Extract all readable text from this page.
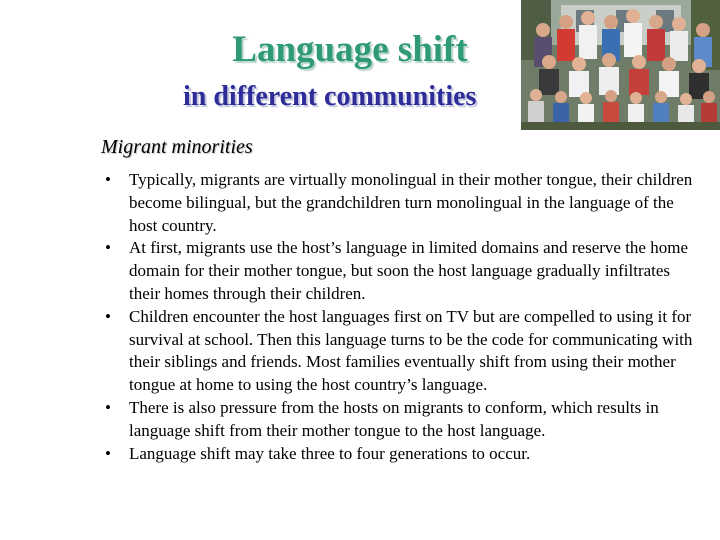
Language shift
in different communities
Migrant minorities
• Typically, migrants are virtually monolingual in their mother tongue, their children become bilingual, but the grandchildren turn monolingual in the language of the host country.
• At first, migrants use the host’s language in limited domains and reserve the home domain for their mother tongue, but soon the host language gradually infiltrates their homes through their children.
• Children encounter the host languages first on TV but are compelled to using it for survival at school. Then this language turns to be the code for communicating with their siblings and friends. Most families eventually shift from using their mother tongue at home to using the host country’s language.
• There is also pressure from the hosts on migrants to conform, which results in language shift from their mother tongue to the host language.
• Language shift may take three to four generations to occur.
